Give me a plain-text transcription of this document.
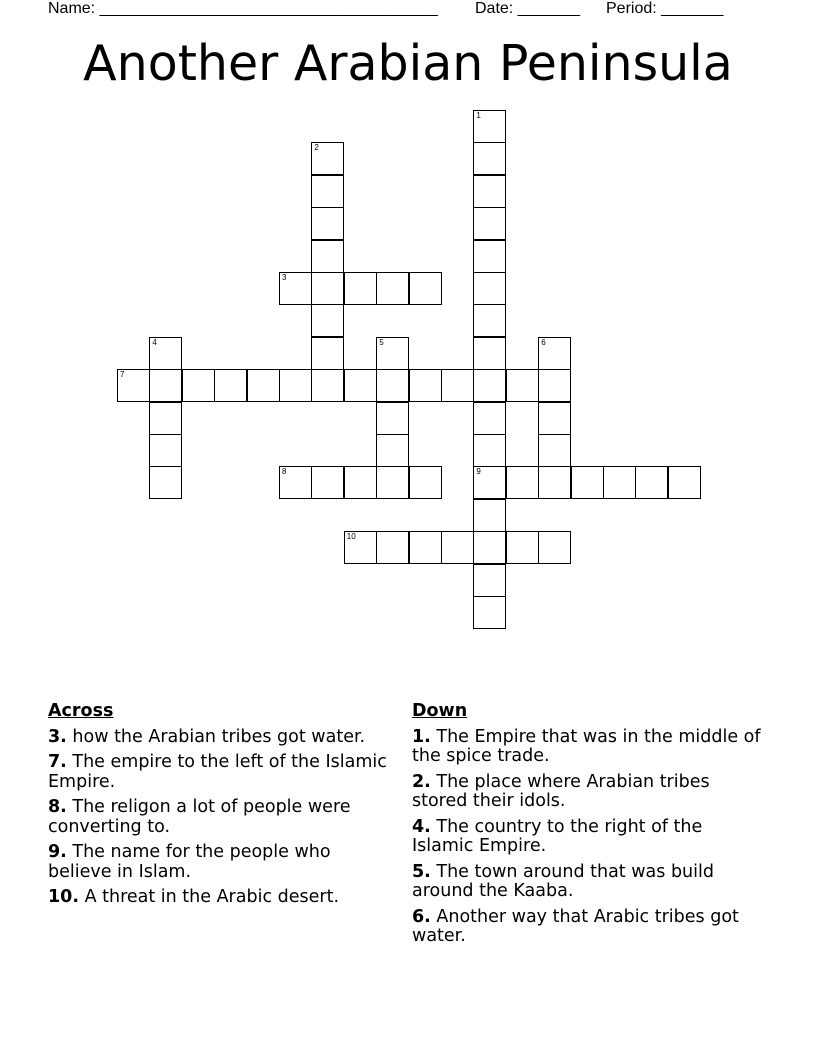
Name: ______________________________________ Date: _______ Period: _______
Another Arabian Peninsula
1
9
2
3
4	5	6
7
8
10
Across
3. how the Arabian tribes got water.
7. The empire to the left of the Islamic Empire.
8. The religon a lot of people were converting to.
9. The name for the people who believe in Islam.
10. A threat in the Arabic desert.
Down
1. The Empire that was in the middle of the spice trade.
2. The place where Arabian tribes stored their idols.
4. The country to the right of the Islamic Empire.
5. The town around that was build around the Kaaba.
6. Another way that Arabic tribes got water.
